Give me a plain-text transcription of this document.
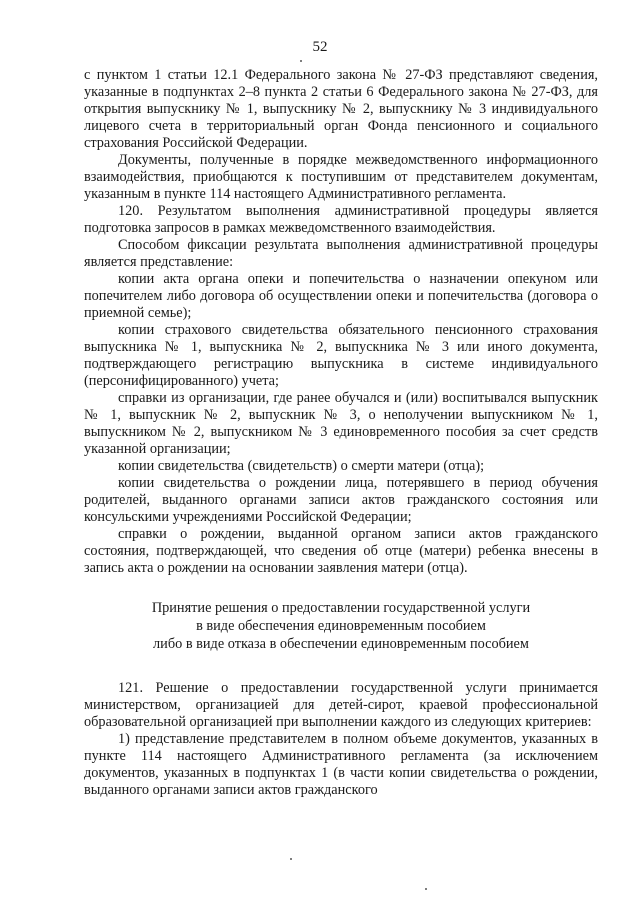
52

с пунктом 1 статьи 12.1 Федерального закона № 27-ФЗ представляют сведения, указанные в подпунктах 2–8 пункта 2 статьи 6 Федерального закона № 27-ФЗ, для открытия выпускнику № 1, выпускнику № 2, выпускнику № 3 индивидуального лицевого счета в территориальный орган Фонда пенсионного и социального страхования Российской Федерации.

Документы, полученные в порядке межведомственного информационного взаимодействия, приобщаются к поступившим от представителем документам, указанным в пункте 114 настоящего Административного регламента.

120. Результатом выполнения административной процедуры является подготовка запросов в рамках межведомственного взаимодействия.

Способом фиксации результата выполнения административной процедуры является представление:

копии акта органа опеки и попечительства о назначении опекуном или попечителем либо договора об осуществлении опеки и попечительства (договора о приемной семье);

копии страхового свидетельства обязательного пенсионного страхования выпускника № 1, выпускника № 2, выпускника № 3 или иного документа, подтверждающего регистрацию выпускника в системе индивидуального (персонифицированного) учета;

справки из организации, где ранее обучался и (или) воспитывался выпускник № 1, выпускник № 2, выпускник № 3, о неполучении выпускником № 1, выпускником № 2, выпускником № 3 единовременного пособия за счет средств указанной организации;

копии свидетельства (свидетельств) о смерти матери (отца);

копии свидетельства о рождении лица, потерявшего в период обучения родителей, выданного органами записи актов гражданского состояния или консульскими учреждениями Российской Федерации;

справки о рождении, выданной органом записи актов гражданского состояния, подтверждающей, что сведения об отце (матери) ребенка внесены в запись акта о рождении на основании заявления матери (отца).

Принятие решения о предоставлении государственной услуги
в виде обеспечения единовременным пособием
либо в виде отказа в обеспечении единовременным пособием

121. Решение о предоставлении государственной услуги принимается министерством, организацией для детей-сирот, краевой профессиональной образовательной организацией при выполнении каждого из следующих критериев:

1) представление представителем в полном объеме документов, указанных в пункте 114 настоящего Административного регламента (за исключением документов, указанных в подпунктах 1 (в части копии свидетельства о рождении, выданного органами записи актов гражданского
